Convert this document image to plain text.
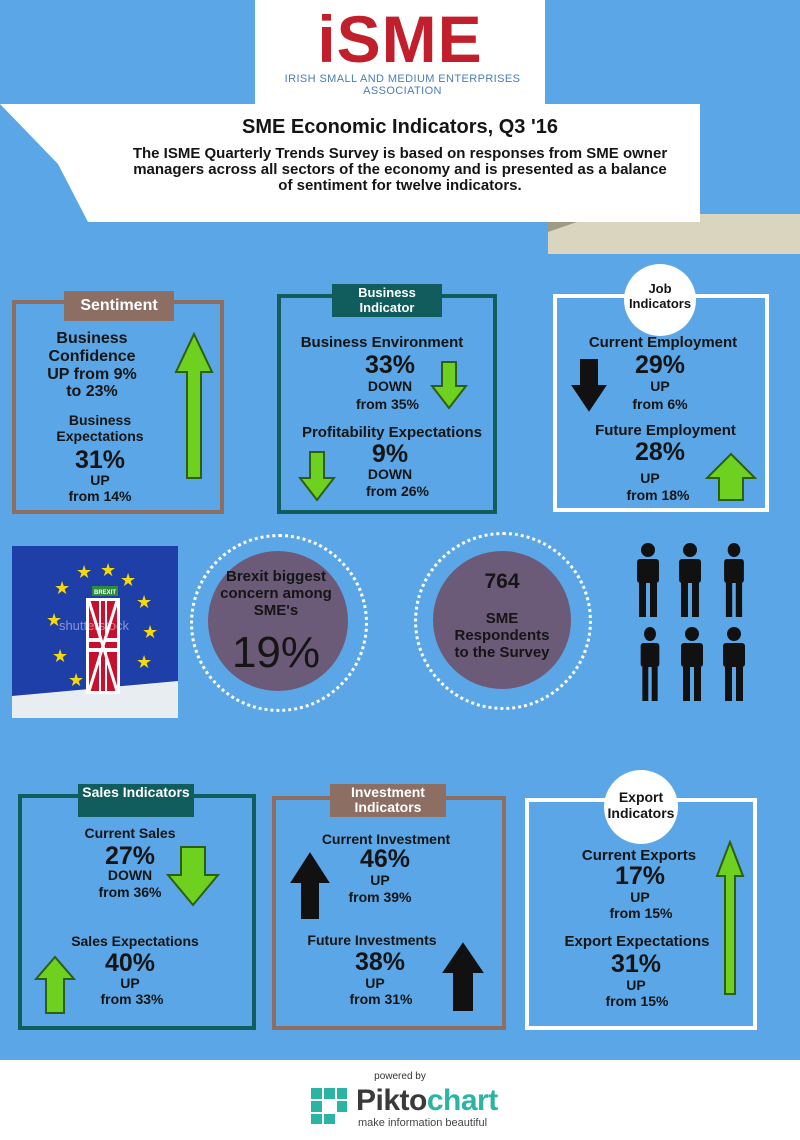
iSME
IRISH SMALL AND MEDIUM ENTERPRISES ASSOCIATION
SME Economic Indicators, Q3 '16
The ISME Quarterly Trends Survey is based on responses from SME owner managers across all sectors of the economy and is presented as a balance of sentiment for twelve indicators.
Sentiment
Business Confidence
UP from 9%
to 23%
Business Expectations
31%
UP
from 14%
Business Indicator
Business Environment
33%
DOWN
from 35%
Profitability Expectations
9%
DOWN
from 26%
Job Indicators
Current Employment
29%
UP
from 6%
Future Employment
28%
UP
from 18%
★ ★ ★
★
★
★
★
★	★
★
BREXIT
shutterstock
Brexit biggest concern among SME's
19%
764
SME Respondents to the Survey
Sales Indicators
Current Sales
27%
DOWN
from 36%
Sales Expectations
40%
UP
from 33%
Investment Indicators
Current Investment
46%
UP
from 39%
Future Investments
38%
UP
from 31%
Export Indicators
Current Exports
17%
UP
from 15%
Export Expectations
31%
UP
from 15%
powered by
Piktochart
make information beautiful
